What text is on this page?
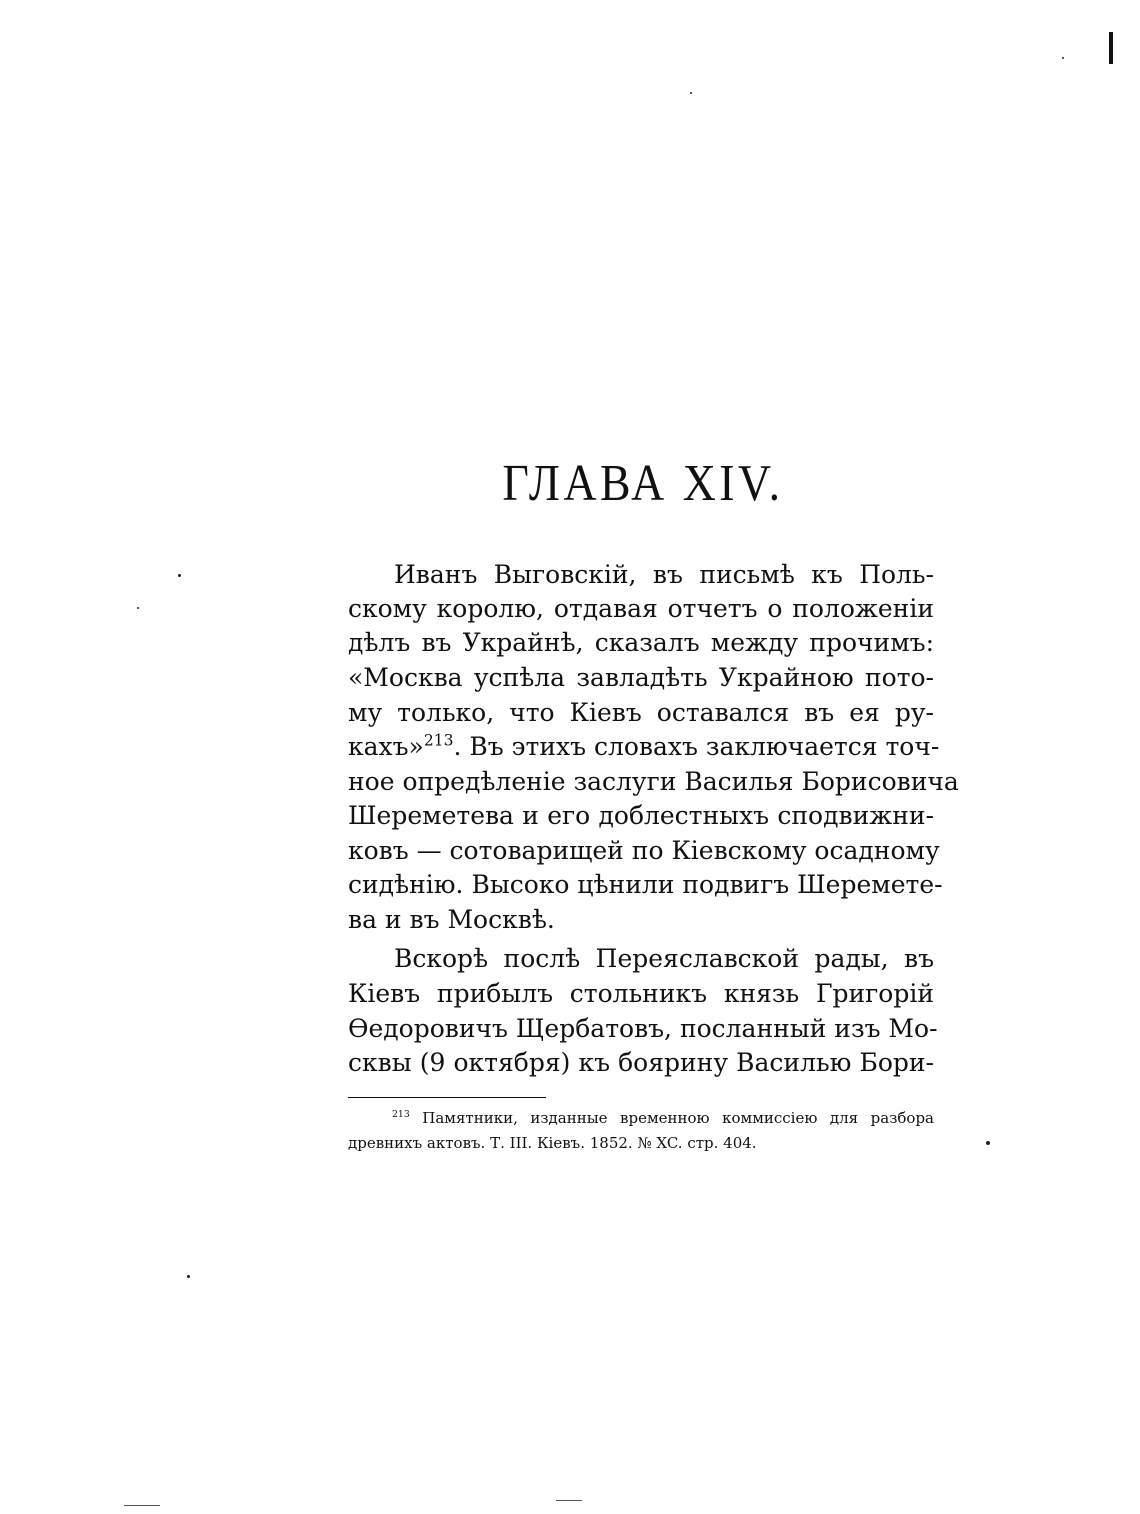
ГЛАВА XIV.

Иванъ Выговскій, въ письмѣ къ Поль-

скому королю, отдавая отчетъ о положеніи

дѣлъ въ Украйнѣ, сказалъ между прочимъ:

«Москва успѣла завладѣть Украйною пото-

му только, что Кіевъ оставался въ ея ру-

кахъ»$^{213}$. Въ этихъ словахъ заключается точ-

ное опредѣленіе заслуги Василья Борисовича

Шереметева и его доблестныхъ сподвижни-

ковъ — сотоварищей по Кіевскому осадному

сидѣнію. Высоко цѣнили подвигъ Шеремете-

ва и въ Москвѣ.

Вскорѣ послѣ Переяславской рады, въ

Кіевъ прибылъ стольникъ князь Григорій

Өедоровичъ Щербатовъ, посланный изъ Мо-

сквы (9 октября) къ боярину Василью Бори-

$^{213}$ Памятники, изданные временною коммиссіею для разбора

древнихъ актовъ. Т. III. Кіевъ. 1852. № XC. стр. 404.
